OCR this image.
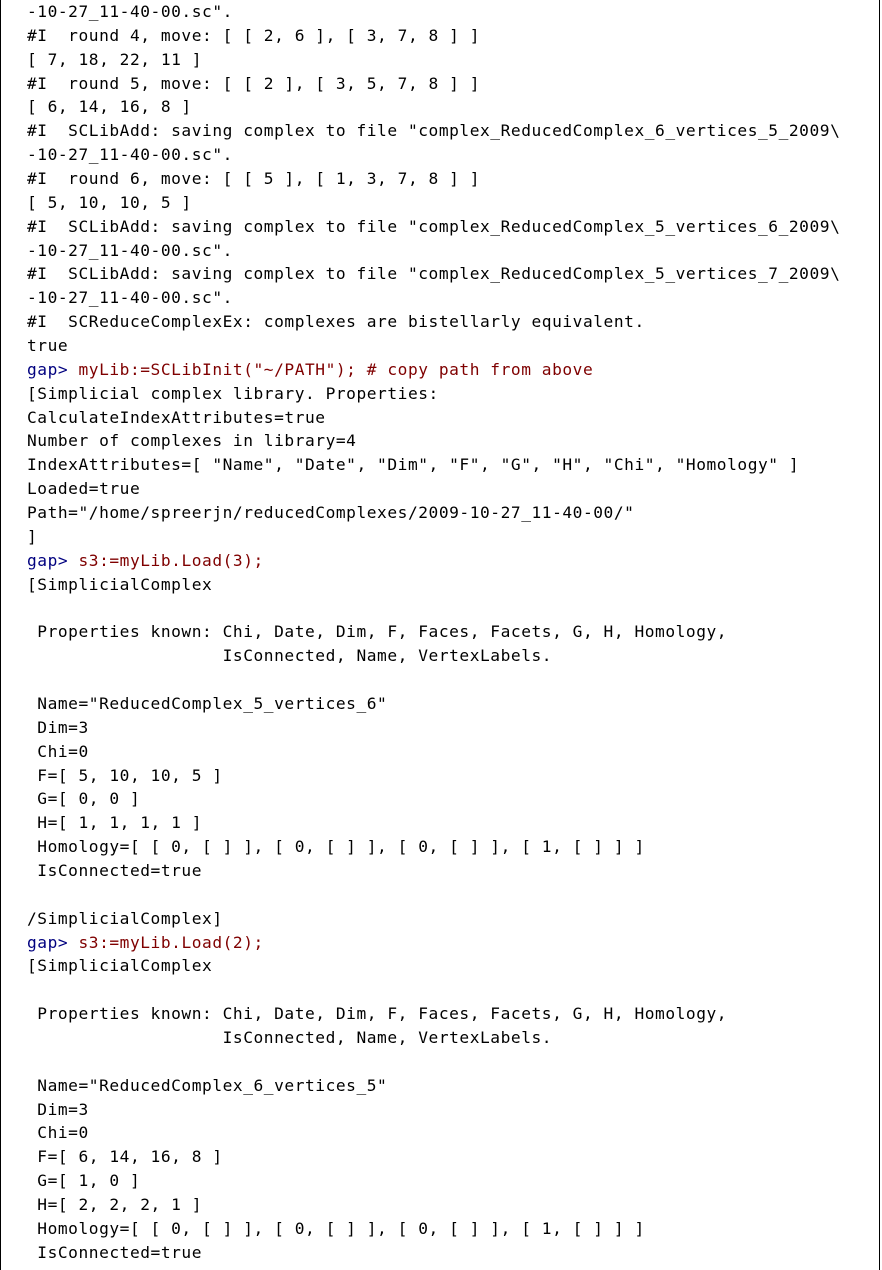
-10-27_11-40-00.sc".
#I  round 4, move: [ [ 2, 6 ], [ 3, 7, 8 ] ]
[ 7, 18, 22, 11 ]
#I  round 5, move: [ [ 2 ], [ 3, 5, 7, 8 ] ]
[ 6, 14, 16, 8 ]
#I  SCLibAdd: saving complex to file "complex_ReducedComplex_6_vertices_5_2009\
-10-27_11-40-00.sc".
#I  round 6, move: [ [ 5 ], [ 1, 3, 7, 8 ] ]
[ 5, 10, 10, 5 ]
#I  SCLibAdd: saving complex to file "complex_ReducedComplex_5_vertices_6_2009\
-10-27_11-40-00.sc".
#I  SCLibAdd: saving complex to file "complex_ReducedComplex_5_vertices_7_2009\
-10-27_11-40-00.sc".
#I  SCReduceComplexEx: complexes are bistellarly equivalent.
true
gap> myLib:=SCLibInit("~/PATH"); # copy path from above
[Simplicial complex library. Properties:
CalculateIndexAttributes=true
Number of complexes in library=4
IndexAttributes=[ "Name", "Date", "Dim", "F", "G", "H", "Chi", "Homology" ]
Loaded=true
Path="/home/spreerjn/reducedComplexes/2009-10-27_11-40-00/"
]
gap> s3:=myLib.Load(3);
[SimplicialComplex
Properties known: Chi, Date, Dim, F, Faces, Facets, G, H, Homology,
IsConnected, Name, VertexLabels.
Name="ReducedComplex_5_vertices_6"
Dim=3
Chi=0
F=[ 5, 10, 10, 5 ]
G=[ 0, 0 ]
H=[ 1, 1, 1, 1 ]
Homology=[ [ 0, [ ] ], [ 0, [ ] ], [ 0, [ ] ], [ 1, [ ] ] ]
IsConnected=true
/SimplicialComplex]
gap> s3:=myLib.Load(2);
[SimplicialComplex
Properties known: Chi, Date, Dim, F, Faces, Facets, G, H, Homology,
IsConnected, Name, VertexLabels.
Name="ReducedComplex_6_vertices_5"
Dim=3
Chi=0
F=[ 6, 14, 16, 8 ]
G=[ 1, 0 ]
H=[ 2, 2, 2, 1 ]
Homology=[ [ 0, [ ] ], [ 0, [ ] ], [ 0, [ ] ], [ 1, [ ] ] ]
IsConnected=true
